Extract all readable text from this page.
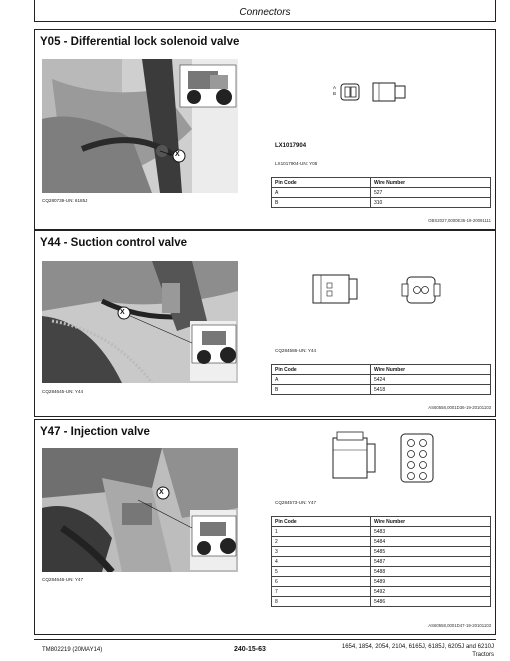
Connectors
Y05 - Differential lock solenoid valve
X
CQ280739-UN: 6185J
A
B
LX1017904
LX1017904-UN: Y05
Pin Code	Wire Number
A	527
B	310
OBS2027,0000E36-19-20091111
Y44 - Suction control valve
X
CQ284645-UN: Y44
CQ284586-UN: Y44
Pin Code	Wire Number
A	5424
B	5418
AS60558,0001D36-19-20101103
Y47 - Injection valve
X
CQ284646-UN: Y47
CQ284573-UN: Y47
Pin Code	Wire Number
1	5483
2	5484
3	5485
4	5487
5	5488
6	5489
7	5492
8	5486
AS60558,0001D47-19-20101103
TM802219 (20MAY14)	240-15-63	1654, 1854, 2054, 2104, 6165J, 6185J, 6205J and 6210J
Tractors
